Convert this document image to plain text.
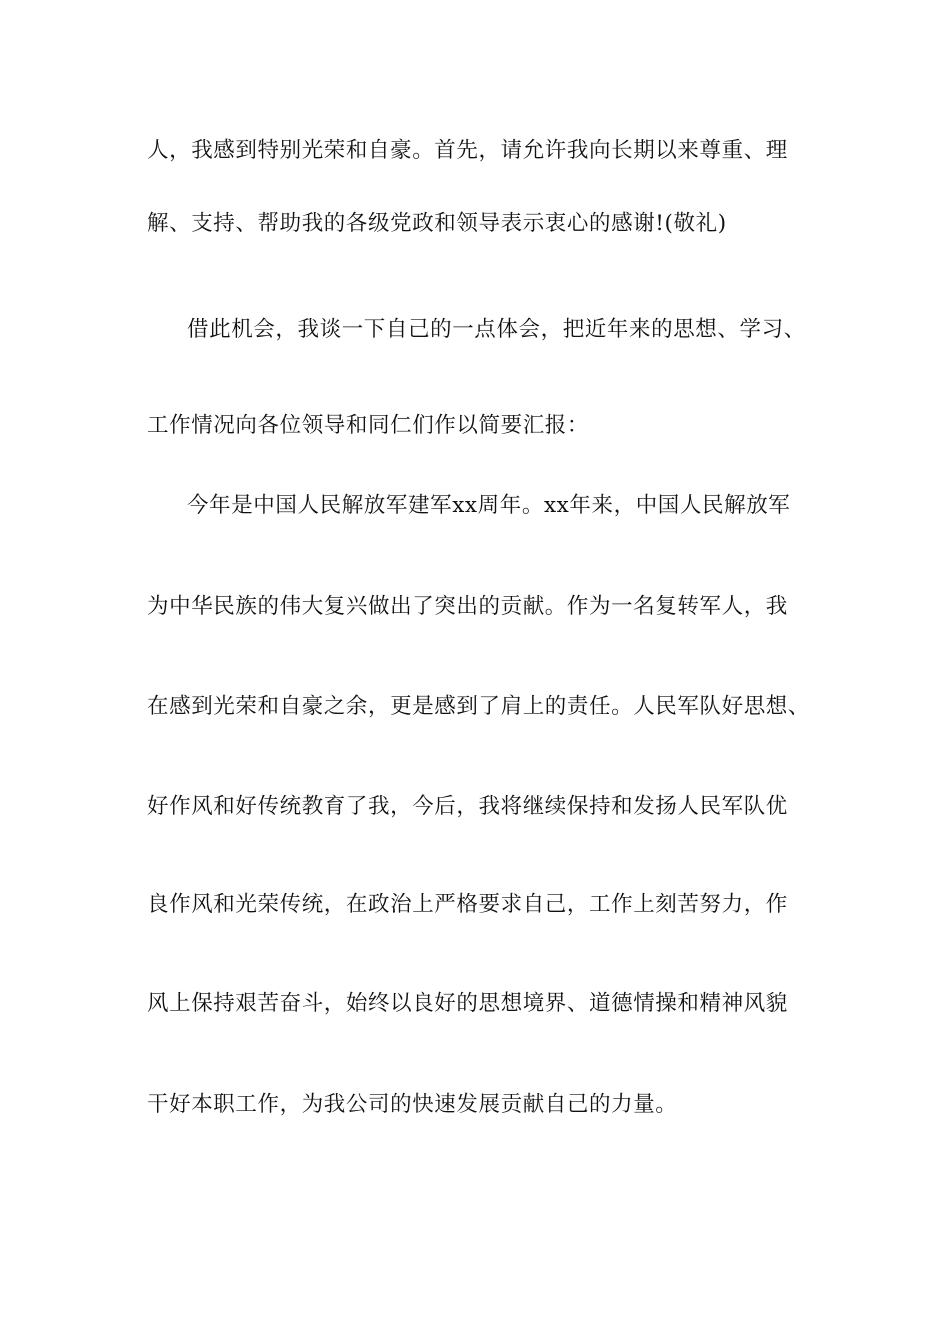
人，我感到特别光荣和自豪。首先，请允许我向长期以来尊重、理
解、支持、帮助我的各级党政和领导表示衷心的感谢!(敬礼)
借此机会，我谈一下自己的一点体会，把近年来的思想、学习、
工作情况向各位领导和同仁们作以简要汇报：
今年是中国人民解放军建军xx周年。xx年来，中国人民解放军
为中华民族的伟大复兴做出了突出的贡献。作为一名复转军人，我
在感到光荣和自豪之余，更是感到了肩上的责任。人民军队好思想、
好作风和好传统教育了我，今后，我将继续保持和发扬人民军队优
良作风和光荣传统，在政治上严格要求自己，工作上刻苦努力，作
风上保持艰苦奋斗，始终以良好的思想境界、道德情操和精神风貌
干好本职工作，为我公司的快速发展贡献自己的力量。
